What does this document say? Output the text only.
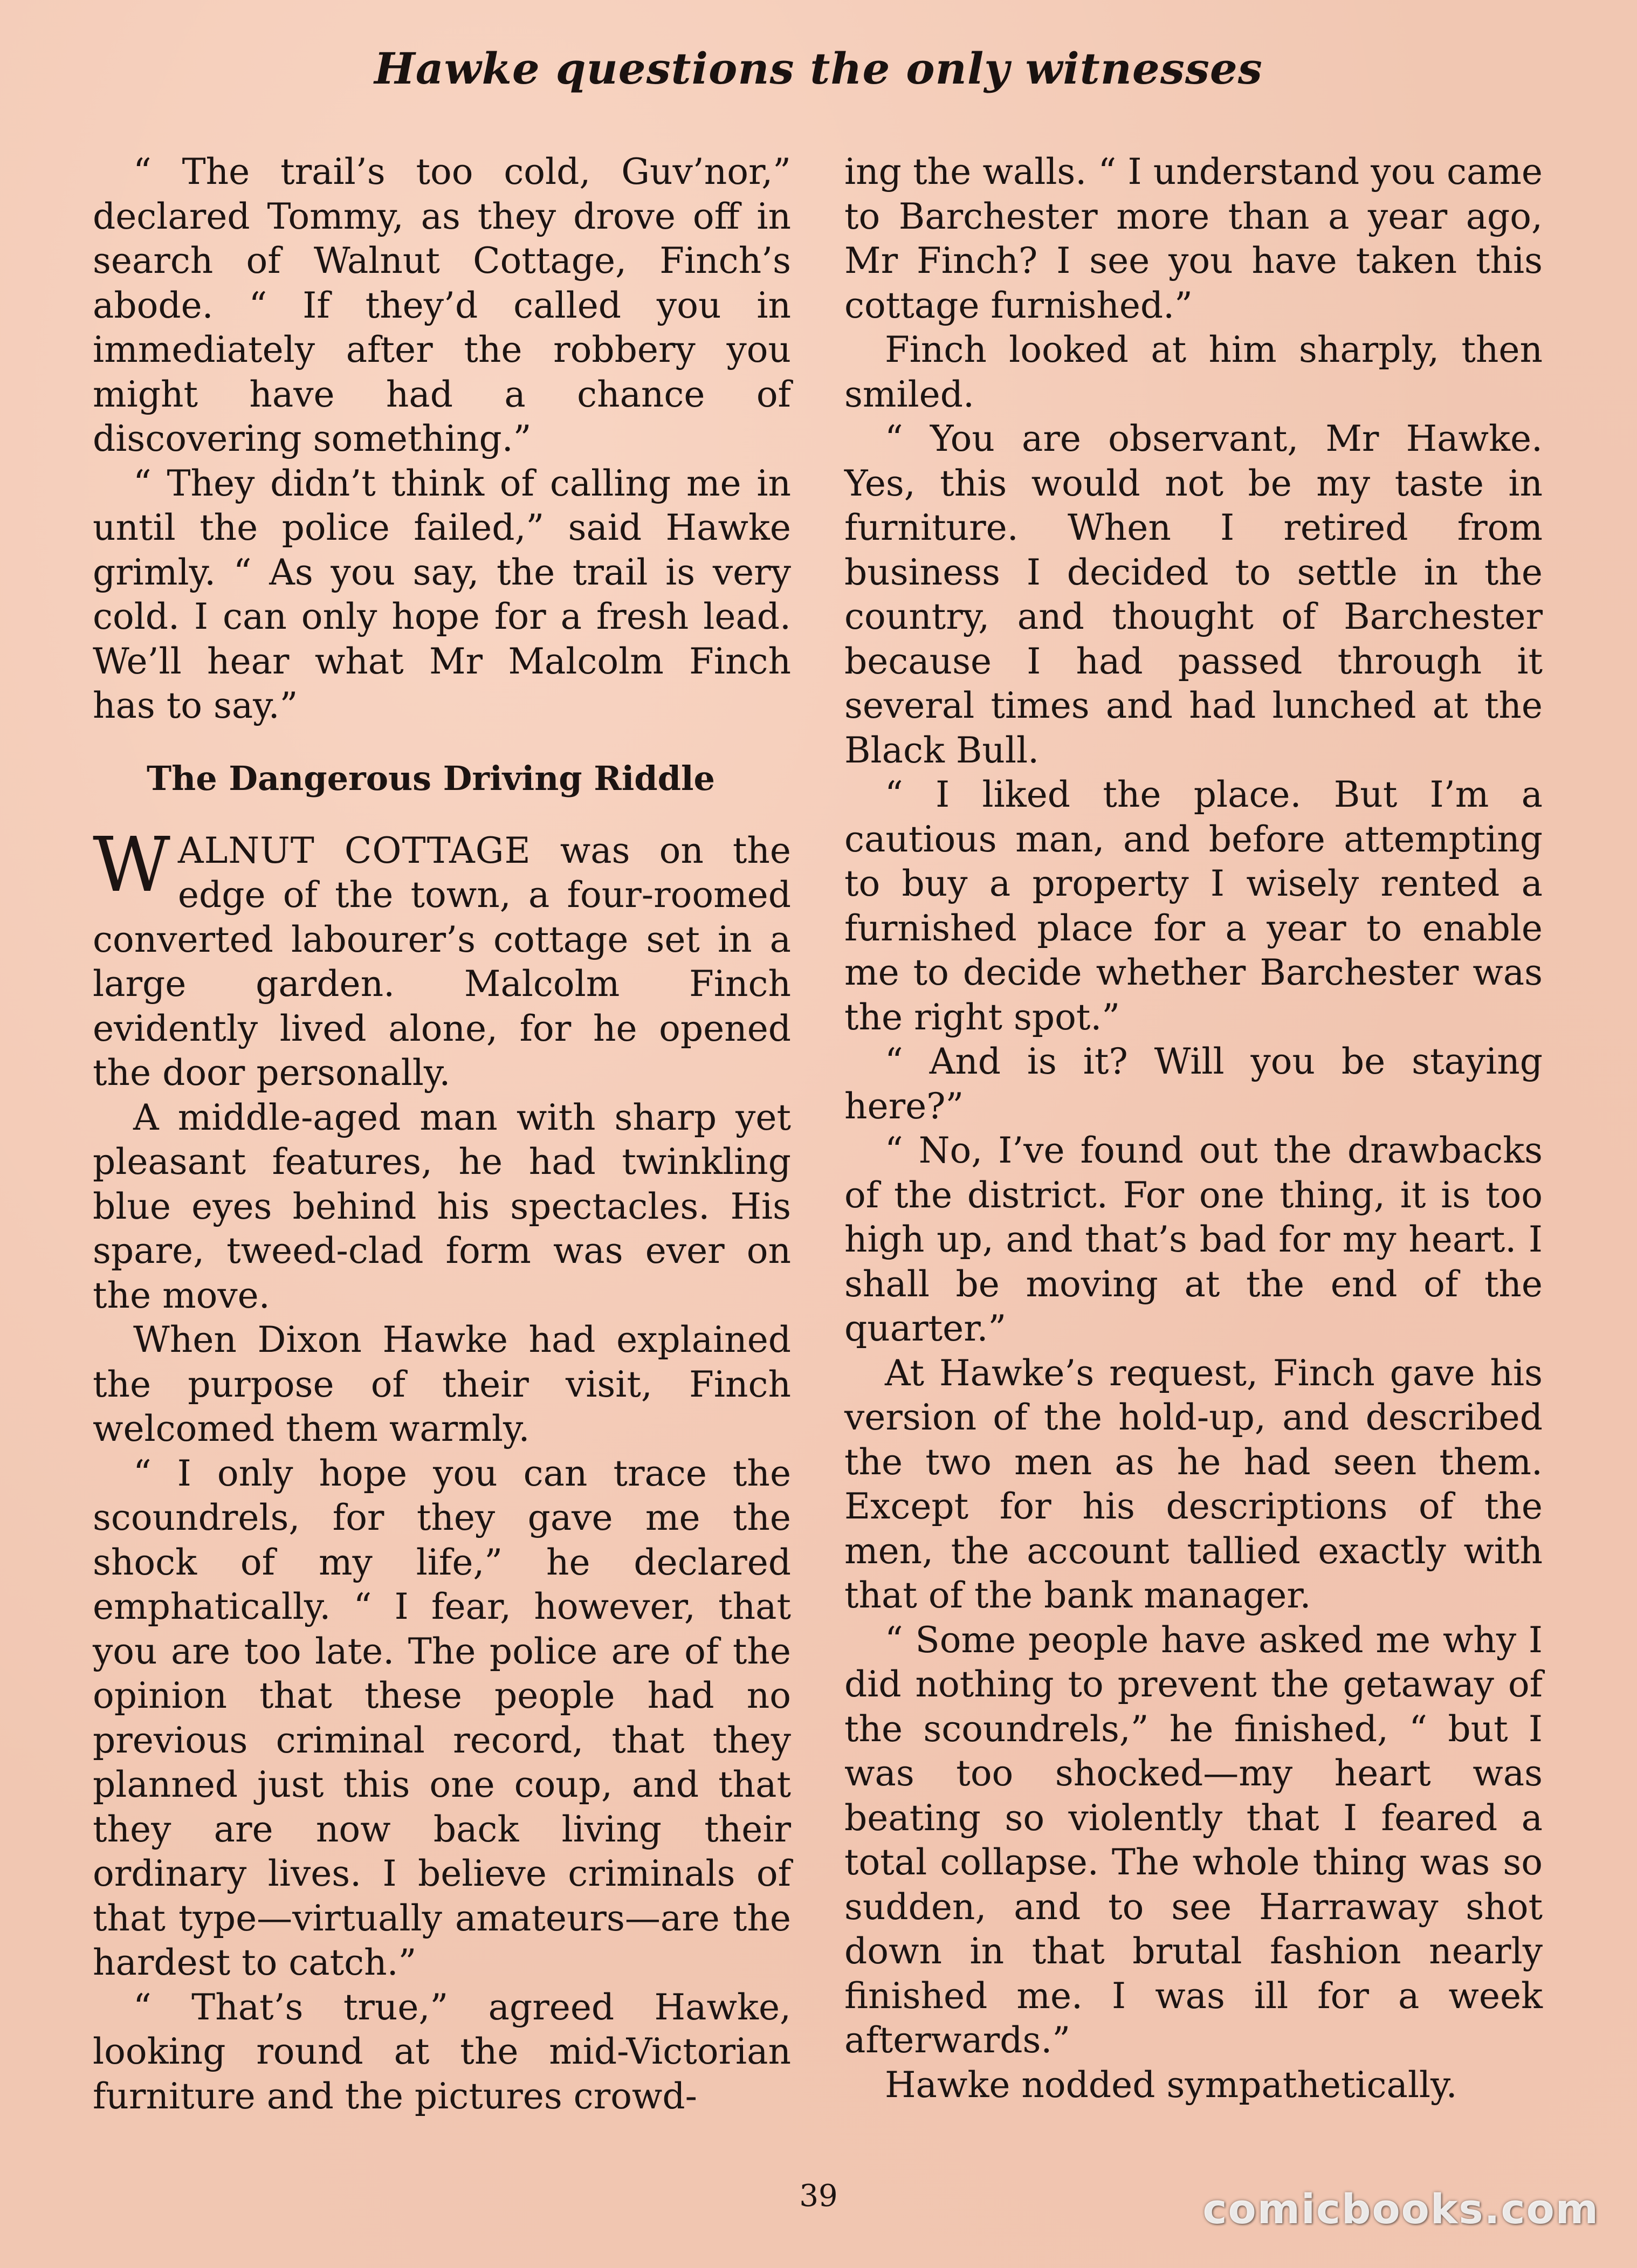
Hawke questions the only witnesses

“ The trail’s too cold, Guv’nor,” declared Tommy, as they drove off in search of Walnut Cottage, Finch’s abode. “ If they’d called you in immediately after the robbery you might have had a chance of discovering something.”

“ They didn’t think of calling me in until the police failed,” said Hawke grimly. “ As you say, the trail is very cold. I can only hope for a fresh lead. We’ll hear what Mr Malcolm Finch has to say.”

The Dangerous Driving Riddle

WALNUT COTTAGE was on the edge of the town, a four-roomed converted labourer’s cottage set in a large garden. Malcolm Finch evidently lived alone, for he opened the door personally.

A middle-aged man with sharp yet pleasant features, he had twinkling blue eyes behind his spectacles. His spare, tweed-clad form was ever on the move.

When Dixon Hawke had explained the purpose of their visit, Finch welcomed them warmly.

“ I only hope you can trace the scoundrels, for they gave me the shock of my life,” he declared emphatically. “ I fear, however, that you are too late. The police are of the opinion that these people had no previous criminal record, that they planned just this one coup, and that they are now back living their ordinary lives. I believe criminals of that type—virtually amateurs—are the hardest to catch.”

“ That’s true,” agreed Hawke, looking round at the mid-Victorian furniture and the pictures crowd-

ing the walls. “ I understand you came to Barchester more than a year ago, Mr Finch? I see you have taken this cottage furnished.”

Finch looked at him sharply, then smiled.

“ You are observant, Mr Hawke. Yes, this would not be my taste in furniture. When I retired from business I decided to settle in the country, and thought of Barchester because I had passed through it several times and had lunched at the Black Bull.

“ I liked the place. But I’m a cautious man, and before attempting to buy a property I wisely rented a furnished place for a year to enable me to decide whether Barchester was the right spot.”

“ And is it? Will you be staying here?”

“ No, I’ve found out the drawbacks of the district. For one thing, it is too high up, and that’s bad for my heart. I shall be moving at the end of the quarter.”

At Hawke’s request, Finch gave his version of the hold-up, and described the two men as he had seen them. Except for his descriptions of the men, the account tallied exactly with that of the bank manager.

“ Some people have asked me why I did nothing to prevent the getaway of the scoundrels,” he finished, “ but I was too shocked—my heart was beating so violently that I feared a total collapse. The whole thing was so sudden, and to see Harraway shot down in that brutal fashion nearly finished me. I was ill for a week afterwards.”

Hawke nodded sympathetically.

39	comicbooks.com
